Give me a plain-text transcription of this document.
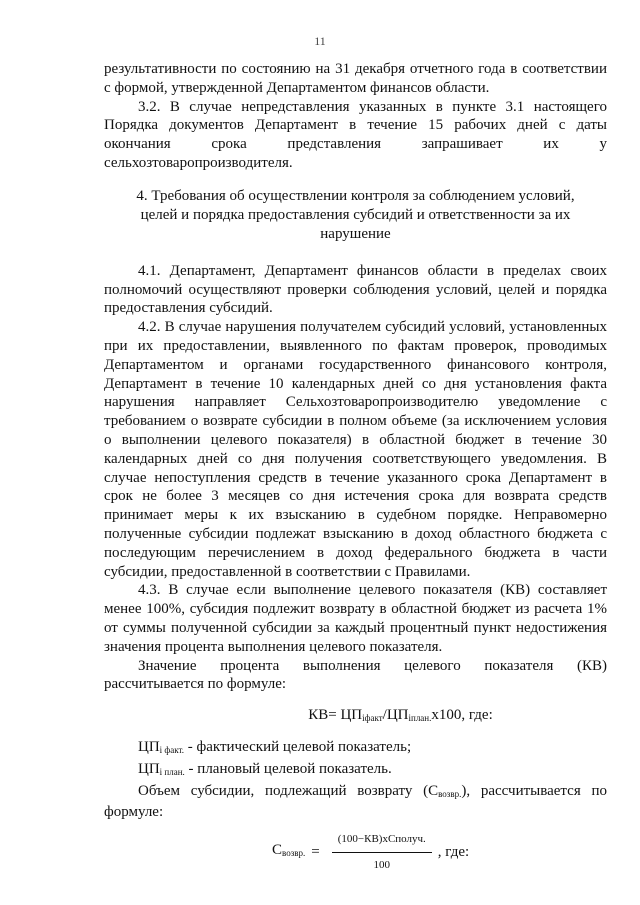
11

результативности по состоянию на 31 декабря отчетного года в соответствии с формой, утвержденной Департаментом финансов области.

3.2. В случае непредставления указанных в пункте 3.1 настоящего Порядка документов Департамент в течение 15 рабочих дней с даты окончания срока представления запрашивает их у

сельхозтоваропроизводителя.

4. Требования об осуществлении контроля за соблюдением условий,
целей и порядка предоставления субсидий и ответственности за их
нарушение

4.1. Департамент, Департамент финансов области в пределах своих полномочий осуществляют проверки соблюдения условий, целей и порядка предоставления субсидий.

4.2. В случае нарушения получателем субсидий условий, установленных при их предоставлении, выявленного по фактам проверок, проводимых Департаментом и органами государственного финансового контроля, Департамент в течение 10 календарных дней со дня установления факта нарушения направляет Сельхозтоваропроизводителю уведомление с требованием о возврате субсидии в полном объеме (за исключением условия о выполнении целевого показателя) в областной бюджет в течение 30 календарных дней со дня получения соответствующего уведомления. В случае непоступления средств в течение указанного срока Департамент в срок не более 3 месяцев со дня истечения срока для возврата средств принимает меры к их взысканию в судебном порядке. Неправомерно полученные субсидии подлежат взысканию в доход областного бюджета с последующим перечислением в доход федерального бюджета в части субсидии, предоставленной в соответствии с Правилами.

4.3. В случае если выполнение целевого показателя (КВ) составляет менее 100%, субсидия подлежит возврату в областной бюджет из расчета 1% от суммы полученной субсидии за каждый процентный пункт недостижения значения процента выполнения целевого показателя.

Значение процента выполнения целевого показателя (КВ)

рассчитывается по формуле:

$КВ= ЦП_{iфакт}/ЦП_{iплан.}х100$, где:

$ЦП_{i факт.}$ - фактический целевой показатель;

$ЦП_{i план.}$ - плановый целевой показатель.

Объем субсидии, подлежащий возврату $(С_{возвр.})$, рассчитывается по формуле:

$С_{возвр.} = \frac{\text{(100−КВ)хСполуч.}}{100}$ , где:
